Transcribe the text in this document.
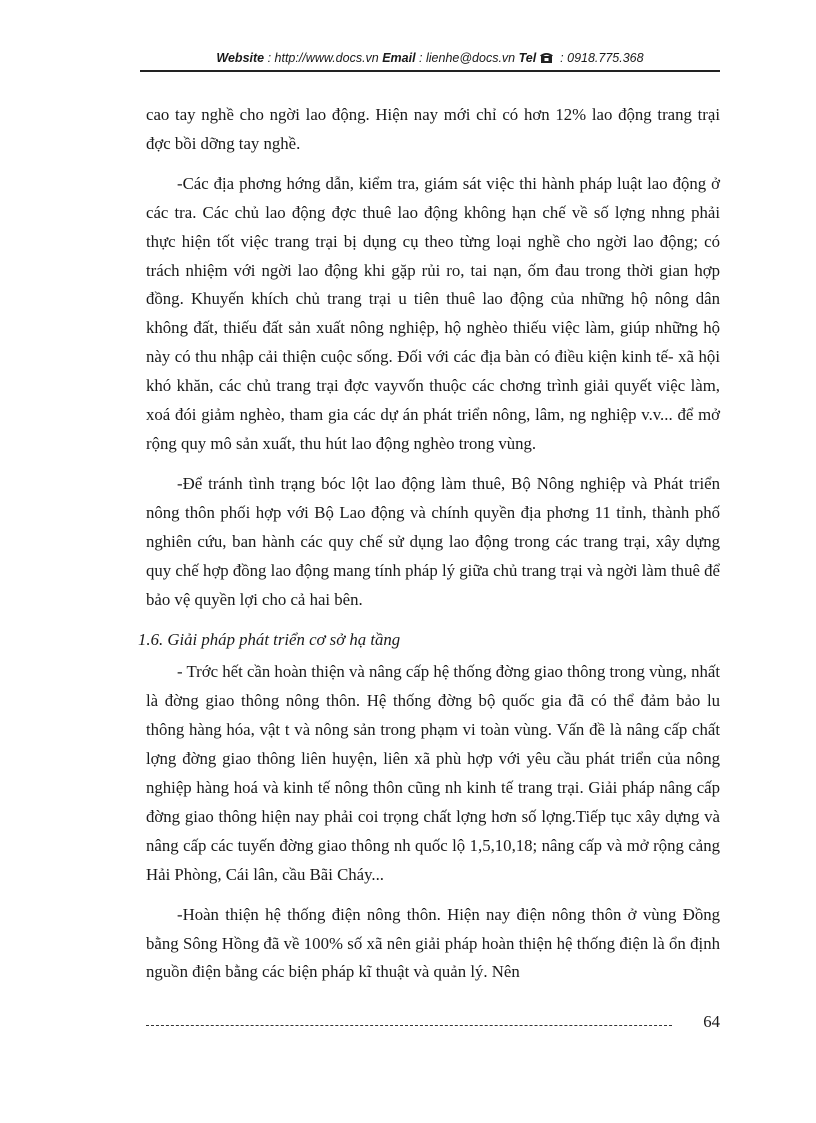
Website : http://www.docs.vn Email : lienhe@docs.vn Tel  : 0918.775.368

cao tay nghề cho ngời lao động. Hiện nay mới chỉ có hơn 12% lao động trang trại đợc bồi dỡng tay nghề.

-Các địa phơng hớng dẫn, kiểm tra, giám sát việc thi hành pháp luật lao động ở các tra. Các chủ lao động đợc thuê lao động không hạn chế về số lợng nhng phải thực hiện tốt việc trang trại bị dụng cụ theo từng loại nghề cho ngời lao động; có trách nhiệm với ngời lao động khi gặp rủi ro, tai nạn, ốm đau trong thời gian hợp đồng. Khuyến khích chủ trang trại u tiên thuê lao động của những hộ nông dân không đất, thiếu đất sản xuất nông nghiệp, hộ nghèo thiếu việc làm, giúp những hộ này có thu nhập cải thiện cuộc sống. Đối với các địa bàn có điều kiện kinh tế- xã hội khó khăn, các chủ trang trại đợc vayvốn thuộc các chơng trình giải quyết việc làm, xoá đói giảm nghèo, tham gia các dự án phát triển nông, lâm, ng nghiệp v.v... để mở rộng quy mô sản xuất, thu hút lao động nghèo trong vùng.

-Để tránh tình trạng bóc lột lao động làm thuê, Bộ Nông nghiệp và Phát triển nông thôn phối hợp với Bộ Lao động và chính quyền địa phơng 11 tỉnh, thành phố nghiên cứu, ban hành các quy chế sử dụng lao động trong các trang trại, xây dựng quy chế hợp đồng lao động mang tính pháp lý giữa chủ trang trại và ngời làm thuê để bảo vệ quyền lợi cho cả hai bên.

1.6. Giải pháp phát triển cơ sở hạ tầng

- Trớc hết cần hoàn thiện và nâng cấp hệ thống đờng giao thông trong vùng, nhất là đờng giao thông nông thôn. Hệ thống đờng bộ quốc gia đã có thể đảm bảo lu thông hàng hóa, vật t và nông sản trong phạm vi toàn vùng. Vấn đề là nâng cấp chất lợng đờng giao thông liên huyện, liên xã phù hợp với yêu cầu phát triển của nông nghiệp hàng hoá và kinh tế nông thôn cũng nh kinh tế trang trại. Giải pháp nâng cấp đờng giao thông hiện nay phải coi trọng chất lợng hơn số lợng.Tiếp tục xây dựng và nâng cấp các tuyến đờng giao thông nh quốc lộ 1,5,10,18; nâng cấp và mở rộng cảng Hải Phòng, Cái lân, cầu Bãi Cháy...

-Hoàn thiện hệ thống điện nông thôn. Hiện nay điện nông thôn ở vùng Đồng bằng Sông Hồng đã về 100% số xã nên giải pháp hoàn thiện hệ thống điện là ổn định nguồn điện bằng các biện pháp kĩ thuật và quản lý. Nên

64
